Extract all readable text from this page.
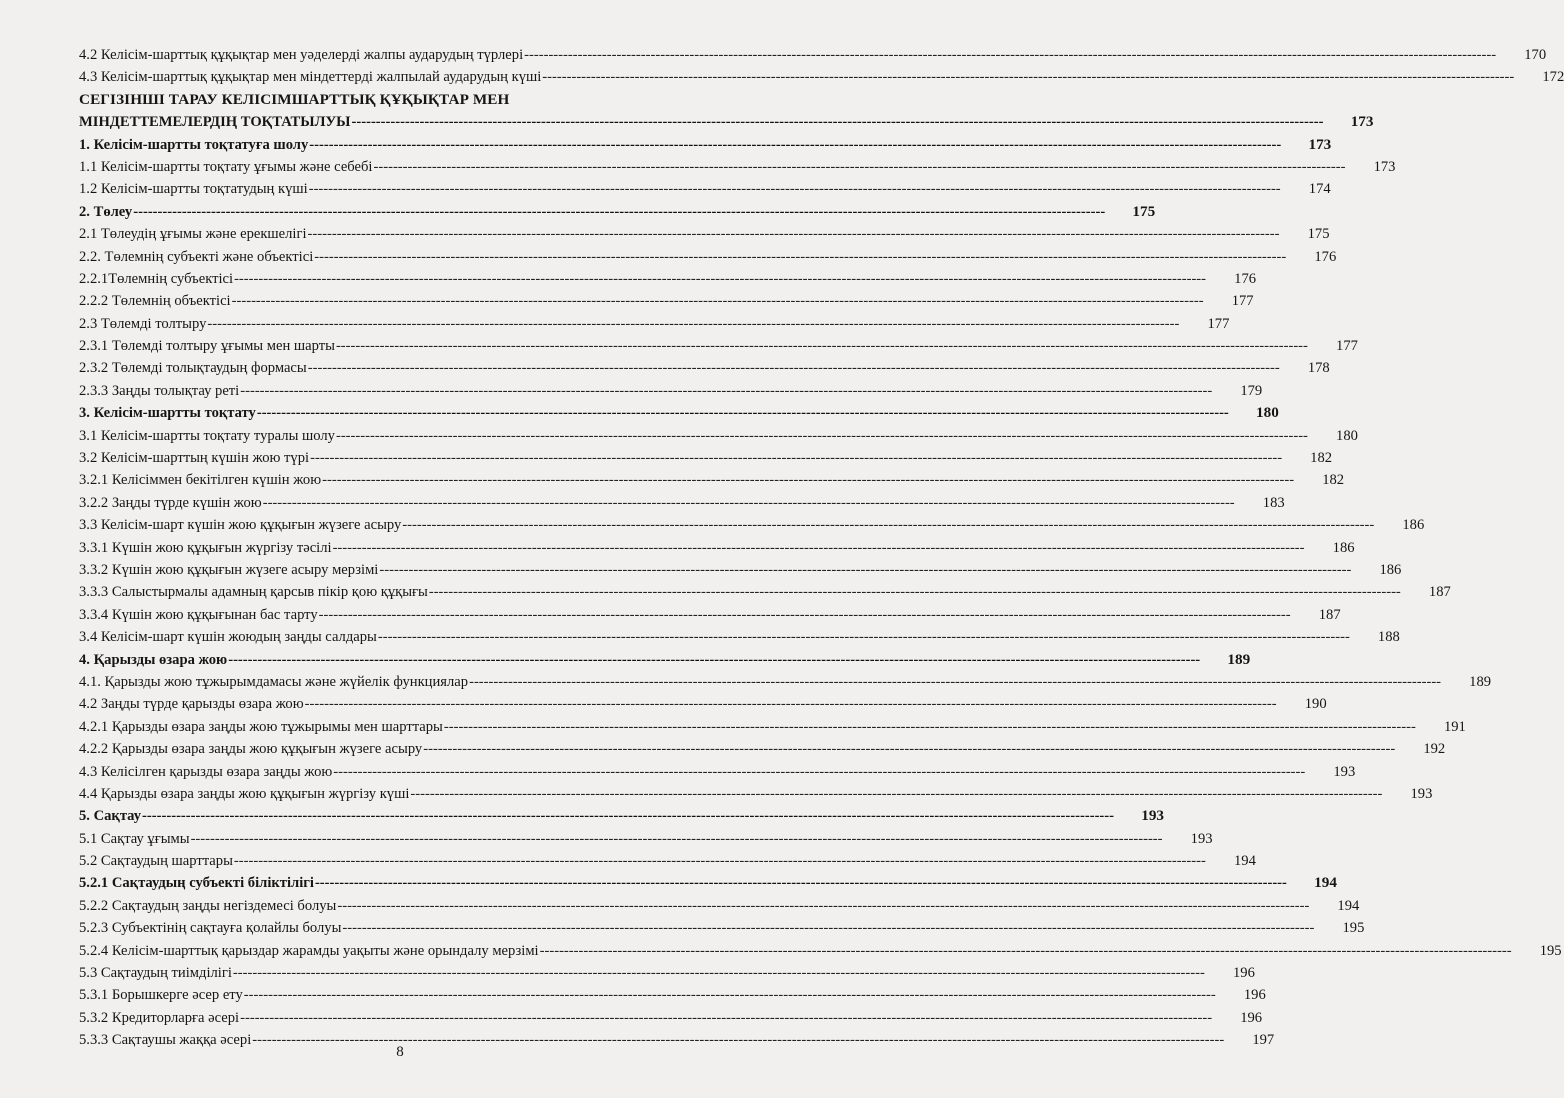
4.2 Келісім-шарттық құқықтар мен уәделерді жалпы аударудың түрлері --------------------------------------------------------------------------------------------------------------------------------------------------------------------------------------------------------	170
4.3 Келісім-шарттық құқықтар мен міндеттерді жалпылай аударудың күші --------------------------------------------------------------------------------------------------------------------------------------------------------------------------------------------------------	172
СЕГІЗІНШІ ТАРАУ КЕЛІСІМШАРТТЫҚ ҚҰҚЫҚТАР МЕН
МІНДЕТТЕМЕЛЕРДІҢ ТОҚТАТЫЛУЫ --------------------------------------------------------------------------------------------------------------------------------------------------------------------------------------------------------	173
1. Келісім-шартты тоқтатуға шолу --------------------------------------------------------------------------------------------------------------------------------------------------------------------------------------------------------	173
1.1 Келісім-шартты тоқтату ұғымы және себебі --------------------------------------------------------------------------------------------------------------------------------------------------------------------------------------------------------	173
1.2 Келісім-шартты тоқтатудың күші --------------------------------------------------------------------------------------------------------------------------------------------------------------------------------------------------------	174
2. Төлеу --------------------------------------------------------------------------------------------------------------------------------------------------------------------------------------------------------	175
2.1 Төлеудің ұғымы және ерекшелігі --------------------------------------------------------------------------------------------------------------------------------------------------------------------------------------------------------	175
2.2. Төлемнің субъекті және объектісі --------------------------------------------------------------------------------------------------------------------------------------------------------------------------------------------------------	176
2.2.1Төлемнің субъектісі --------------------------------------------------------------------------------------------------------------------------------------------------------------------------------------------------------	176
2.2.2 Төлемнің объектісі --------------------------------------------------------------------------------------------------------------------------------------------------------------------------------------------------------	177
2.3 Төлемді толтыру --------------------------------------------------------------------------------------------------------------------------------------------------------------------------------------------------------	177
2.3.1 Төлемді толтыру ұғымы мен шарты --------------------------------------------------------------------------------------------------------------------------------------------------------------------------------------------------------	177
2.3.2 Төлемді толықтаудың формасы --------------------------------------------------------------------------------------------------------------------------------------------------------------------------------------------------------	178
2.3.3 Заңды толықтау реті --------------------------------------------------------------------------------------------------------------------------------------------------------------------------------------------------------	179
3. Келісім-шартты тоқтату --------------------------------------------------------------------------------------------------------------------------------------------------------------------------------------------------------	180
3.1 Келісім-шартты тоқтату туралы шолу --------------------------------------------------------------------------------------------------------------------------------------------------------------------------------------------------------	180
3.2 Келісім-шарттың күшін жою түрі --------------------------------------------------------------------------------------------------------------------------------------------------------------------------------------------------------	182
3.2.1 Келісіммен бекітілген күшін жою --------------------------------------------------------------------------------------------------------------------------------------------------------------------------------------------------------	182
3.2.2 Заңды түрде күшін жою --------------------------------------------------------------------------------------------------------------------------------------------------------------------------------------------------------	183
3.3 Келісім-шарт күшін жою құқығын жүзеге асыру --------------------------------------------------------------------------------------------------------------------------------------------------------------------------------------------------------	186
3.3.1 Күшін жою құқығын жүргізу тәсілі --------------------------------------------------------------------------------------------------------------------------------------------------------------------------------------------------------	186
3.3.2 Күшін жою құқығын жүзеге асыру мерзімі --------------------------------------------------------------------------------------------------------------------------------------------------------------------------------------------------------	186
3.3.3 Салыстырмалы адамның қарсыв пікір қою құқығы --------------------------------------------------------------------------------------------------------------------------------------------------------------------------------------------------------	187
3.3.4 Күшін жою құқығынан бас тарту --------------------------------------------------------------------------------------------------------------------------------------------------------------------------------------------------------	187
3.4 Келісім-шарт күшін жоюдың заңды салдары --------------------------------------------------------------------------------------------------------------------------------------------------------------------------------------------------------	188
4. Қарызды өзара жою --------------------------------------------------------------------------------------------------------------------------------------------------------------------------------------------------------	189
4.1. Қарызды жою тұжырымдамасы және жүйелік функциялар --------------------------------------------------------------------------------------------------------------------------------------------------------------------------------------------------------	189
4.2 Заңды түрде қарызды өзара жою --------------------------------------------------------------------------------------------------------------------------------------------------------------------------------------------------------	190
4.2.1 Қарызды өзара заңды жою тұжырымы мен шарттары --------------------------------------------------------------------------------------------------------------------------------------------------------------------------------------------------------	191
4.2.2 Қарызды өзара заңды жою құқығын жүзеге асыру --------------------------------------------------------------------------------------------------------------------------------------------------------------------------------------------------------	192
4.3 Келісілген қарызды өзара заңды жою --------------------------------------------------------------------------------------------------------------------------------------------------------------------------------------------------------	193
4.4 Қарызды өзара заңды жою құқығын жүргізу күші --------------------------------------------------------------------------------------------------------------------------------------------------------------------------------------------------------	193
5. Сақтау --------------------------------------------------------------------------------------------------------------------------------------------------------------------------------------------------------	193
5.1 Сақтау ұғымы --------------------------------------------------------------------------------------------------------------------------------------------------------------------------------------------------------	193
5.2 Сақтаудың шарттары --------------------------------------------------------------------------------------------------------------------------------------------------------------------------------------------------------	194
5.2.1 Сақтаудың субъекті біліктілігі --------------------------------------------------------------------------------------------------------------------------------------------------------------------------------------------------------	194
5.2.2 Сақтаудың заңды негіздемесі болуы --------------------------------------------------------------------------------------------------------------------------------------------------------------------------------------------------------	194
5.2.3 Субъектінің сақтауға қолайлы болуы --------------------------------------------------------------------------------------------------------------------------------------------------------------------------------------------------------	195
5.2.4 Келісім-шарттық қарыздар жарамды уақыты және орындалу мерзімі --------------------------------------------------------------------------------------------------------------------------------------------------------------------------------------------------------	195
5.3 Сақтаудың тиімділігі --------------------------------------------------------------------------------------------------------------------------------------------------------------------------------------------------------	196
5.3.1 Борышкерге әсер ету --------------------------------------------------------------------------------------------------------------------------------------------------------------------------------------------------------	196
5.3.2 Кредиторларға әсері --------------------------------------------------------------------------------------------------------------------------------------------------------------------------------------------------------	196
5.3.3 Сақтаушы жаққа әсері --------------------------------------------------------------------------------------------------------------------------------------------------------------------------------------------------------	197
8
